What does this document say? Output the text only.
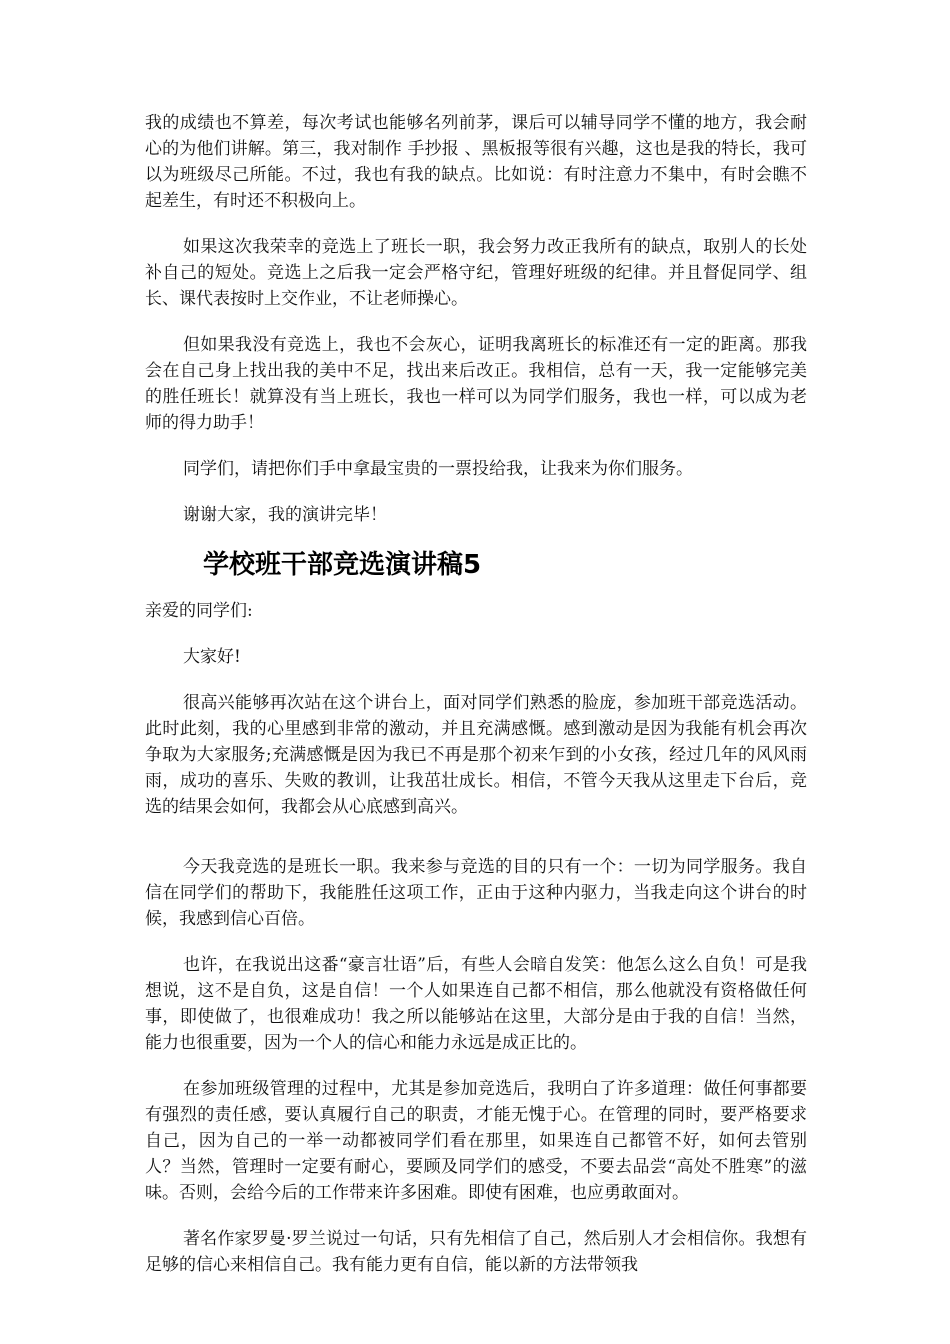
我的成绩也不算差，每次考试也能够名列前茅，课后可以辅导同学不懂的地方，我会耐心的为他们讲解。第三，我对制作 手抄报 、黑板报等很有兴趣，这也是我的特长，我可以为班级尽己所能。不过，我也有我的缺点。比如说：有时注意力不集中，有时会瞧不起差生，有时还不积极向上。

如果这次我荣幸的竞选上了班长一职，我会努力改正我所有的缺点，取别人的长处补自己的短处。竞选上之后我一定会严格守纪，管理好班级的纪律。并且督促同学、组长、课代表按时上交作业，不让老师操心。

但如果我没有竞选上，我也不会灰心，证明我离班长的标准还有一定的距离。那我会在自己身上找出我的美中不足，找出来后改正。我相信，总有一天，我一定能够完美的胜任班长！就算没有当上班长，我也一样可以为同学们服务，我也一样，可以成为老师的得力助手！

同学们，请把你们手中拿最宝贵的一票投给我，让我来为你们服务。

谢谢大家，我的演讲完毕！

学校班干部竞选演讲稿5

亲爱的同学们:

大家好!

很高兴能够再次站在这个讲台上，面对同学们熟悉的脸庞，参加班干部竞选活动。此时此刻，我的心里感到非常的激动，并且充满感慨。感到激动是因为我能有机会再次争取为大家服务;充满感慨是因为我已不再是那个初来乍到的小女孩，经过几年的风风雨雨，成功的喜乐、失败的教训，让我茁壮成长。相信，不管今天我从这里走下台后，竞选的结果会如何，我都会从心底感到高兴。

今天我竞选的是班长一职。我来参与竞选的目的只有一个：一切为同学服务。我自信在同学们的帮助下，我能胜任这项工作，正由于这种内驱力，当我走向这个讲台的时候，我感到信心百倍。

也许，在我说出这番“豪言壮语”后，有些人会暗自发笑：他怎么这么自负！可是我想说，这不是自负，这是自信！一个人如果连自己都不相信，那么他就没有资格做任何事，即使做了，也很难成功！我之所以能够站在这里，大部分是由于我的自信！当然，能力也很重要，因为一个人的信心和能力永远是成正比的。

在参加班级管理的过程中，尤其是参加竞选后，我明白了许多道理：做任何事都要有强烈的责任感，要认真履行自己的职责，才能无愧于心。在管理的同时，要严格要求自己，因为自己的一举一动都被同学们看在那里，如果连自己都管不好，如何去管别人？当然，管理时一定要有耐心，要顾及同学们的感受，不要去品尝“高处不胜寒”的滋味。否则，会给今后的工作带来许多困难。即使有困难，也应勇敢面对。

著名作家罗曼·罗兰说过一句话，只有先相信了自己，然后别人才会相信你。我想有足够的信心来相信自己。我有能力更有自信，能以新的方法带领我
